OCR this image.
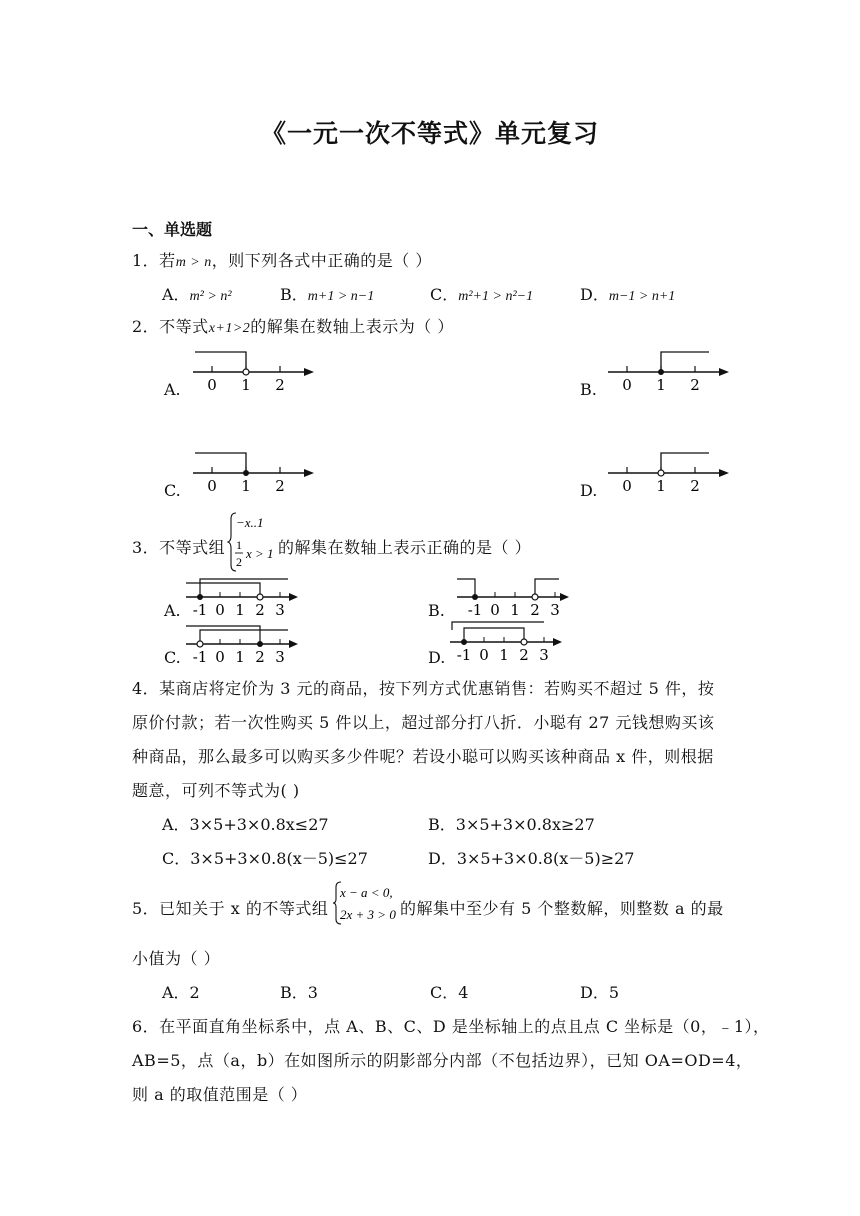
《一元一次不等式》单元复习
一、单选题
1．若m > n，则下列各式中正确的是（ ）
A．m² > n²	B．m+1 > n−1	C．m²+1 > n²−1	D．m−1 > n+1
2．不等式x+1>2的解集在数轴上表示为（ ）
A. 0 1 2	B. 0 1 2
C. 0 1 2	D. 0 1 2
3．不等式组
−x..1
1
2
x > 1 的解集在数轴上表示正确的是（ ）
A. -1 0 1 2 3	B. -1 0 1 2 3
C. -1 0 1 2 3	D. -1 0 1 2 3
4．某商店将定价为 3 元的商品，按下列方式优惠销售：若购买不超过 5 件，按
原价付款；若一次性购买 5 件以上，超过部分打八折．小聪有 27 元钱想购买该
种商品，那么最多可以购买多少件呢？若设小聪可以购买该种商品 x 件，则根据
题意，可列不等式为( )
A．3×5+3×0.8x≤27	B．3×5+3×0.8x≥27
C．3×5+3×0.8(x－5)≤27	D．3×5+3×0.8(x－5)≥27
5．已知关于 x 的不等式组
x − a < 0,
2x + 3 > 0 的解集中至少有 5 个整数解，则整数 a 的最
小值为（ ）
A．2	B．3	C．4	D．5
6．在平面直角坐标系中，点 A、B、C、D 是坐标轴上的点且点 C 坐标是（0，﹣1），
AB=5，点（a，b）在如图所示的阴影部分内部（不包括边界），已知 OA=OD=4，
则 a 的取值范围是（ ）
